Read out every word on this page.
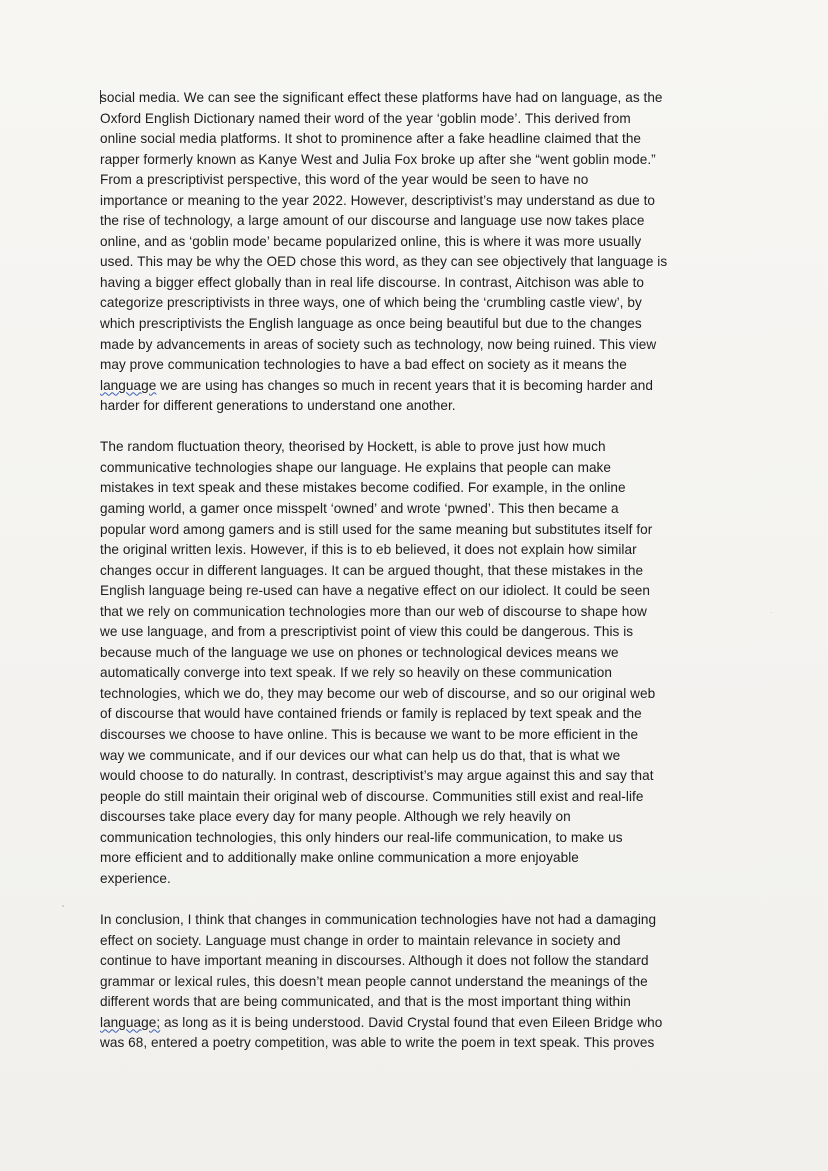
social media. We can see the significant effect these platforms have had on language, as the
Oxford English Dictionary named their word of the year ‘goblin mode’. This derived from
online social media platforms. It shot to prominence after a fake headline claimed that the
rapper formerly known as Kanye West and Julia Fox broke up after she “went goblin mode.”
From a prescriptivist perspective, this word of the year would be seen to have no
importance or meaning to the year 2022. However, descriptivist’s may understand as due to
the rise of technology, a large amount of our discourse and language use now takes place
online, and as ‘goblin mode’ became popularized online, this is where it was more usually
used. This may be why the OED chose this word, as they can see objectively that language is
having a bigger effect globally than in real life discourse. In contrast, Aitchison was able to
categorize prescriptivists in three ways, one of which being the ‘crumbling castle view’, by
which prescriptivists the English language as once being beautiful but due to the changes
made by advancements in areas of society such as technology, now being ruined. This view
may prove communication technologies to have a bad effect on society as it means the
language we are using has changes so much in recent years that it is becoming harder and
harder for different generations to understand one another.
The random fluctuation theory, theorised by Hockett, is able to prove just how much
communicative technologies shape our language. He explains that people can make
mistakes in text speak and these mistakes become codified. For example, in the online
gaming world, a gamer once misspelt ‘owned’ and wrote ‘pwned’. This then became a
popular word among gamers and is still used for the same meaning but substitutes itself for
the original written lexis. However, if this is to eb believed, it does not explain how similar
changes occur in different languages. It can be argued thought, that these mistakes in the
English language being re-used can have a negative effect on our idiolect. It could be seen
that we rely on communication technologies more than our web of discourse to shape how
we use language, and from a prescriptivist point of view this could be dangerous. This is
because much of the language we use on phones or technological devices means we
automatically converge into text speak. If we rely so heavily on these communication
technologies, which we do, they may become our web of discourse, and so our original web
of discourse that would have contained friends or family is replaced by text speak and the
discourses we choose to have online. This is because we want to be more efficient in the
way we communicate, and if our devices our what can help us do that, that is what we
would choose to do naturally. In contrast, descriptivist’s may argue against this and say that
people do still maintain their original web of discourse. Communities still exist and real-life
discourses take place every day for many people. Although we rely heavily on
communication technologies, this only hinders our real-life communication, to make us
more efficient and to additionally make online communication a more enjoyable
experience.
In conclusion, I think that changes in communication technologies have not had a damaging
effect on society. Language must change in order to maintain relevance in society and
continue to have important meaning in discourses. Although it does not follow the standard
grammar or lexical rules, this doesn’t mean people cannot understand the meanings of the
different words that are being communicated, and that is the most important thing within
language; as long as it is being understood. David Crystal found that even Eileen Bridge who
was 68, entered a poetry competition, was able to write the poem in text speak. This proves
